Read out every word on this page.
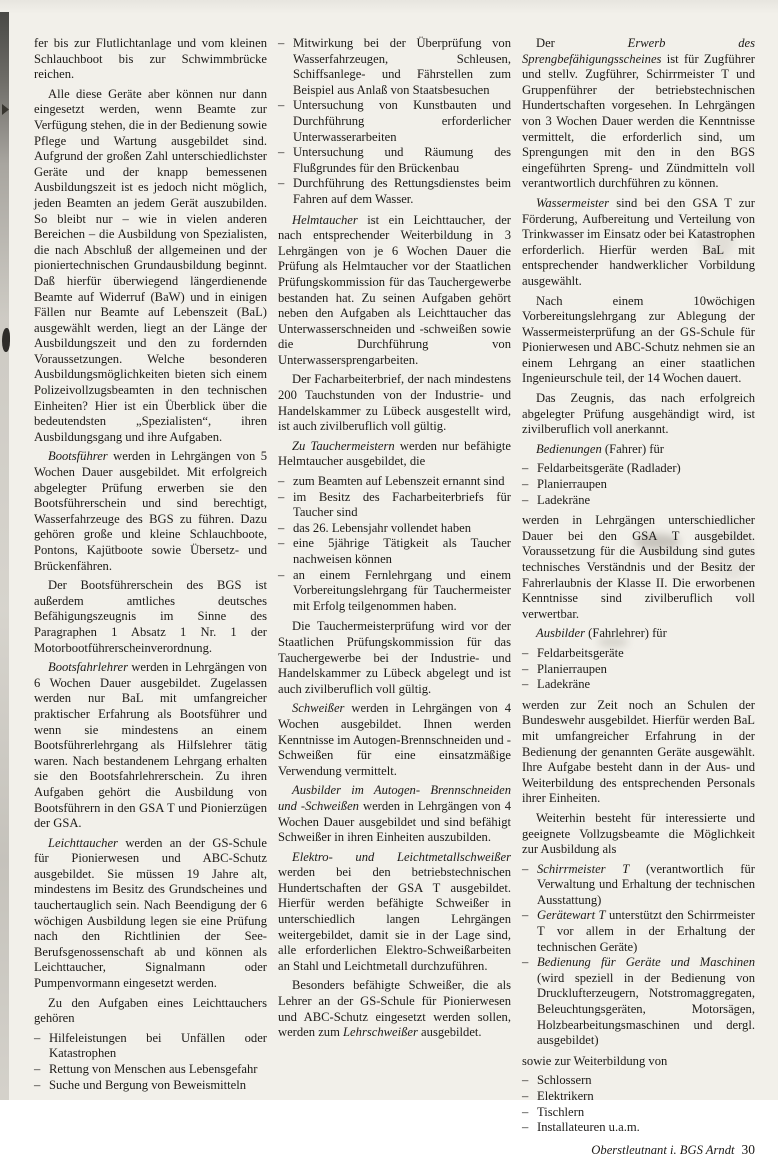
fer bis zur Flutlichtanlage und vom kleinen Schlauchboot bis zur Schwimmbrücke reichen.

Alle diese Geräte aber können nur dann eingesetzt werden, wenn Beamte zur Verfügung stehen, die in der Bedienung sowie Pflege und Wartung ausgebildet sind. Aufgrund der großen Zahl unterschiedlichster Geräte und der knapp bemessenen Ausbildungszeit ist es jedoch nicht möglich, jeden Beamten an jedem Gerät auszubilden. So bleibt nur – wie in vielen anderen Bereichen – die Ausbildung von Spezialisten, die nach Abschluß der allgemeinen und der pioniertechnischen Grundausbildung beginnt. Daß hierfür überwiegend längerdienende Beamte auf Widerruf (BaW) und in einigen Fällen nur Beamte auf Lebenszeit (BaL) ausgewählt werden, liegt an der Länge der Ausbildungszeit und den zu fordernden Voraussetzungen. Welche besonderen Ausbildungsmöglichkeiten bieten sich einem Polizeivollzugsbeamten in den technischen Einheiten? Hier ist ein Überblick über die bedeutendsten „Spezialisten“, ihren Ausbildungsgang und ihre Aufgaben.

Bootsführer werden in Lehrgängen von 5 Wochen Dauer ausgebildet. Mit erfolgreich abgelegter Prüfung erwerben sie den Bootsführerschein und sind berechtigt, Wasserfahrzeuge des BGS zu führen. Dazu gehören große und kleine Schlauchboote, Pontons, Kajütboote sowie Übersetz- und Brückenfähren.

Der Bootsführerschein des BGS ist außerdem amtliches deutsches Befähigungszeugnis im Sinne des Paragraphen 1 Absatz 1 Nr. 1 der Motorbootführerscheinverordnung.

Bootsfahrlehrer werden in Lehrgängen von 6 Wochen Dauer ausgebildet. Zugelassen werden nur BaL mit umfangreicher praktischer Erfahrung als Bootsführer und wenn sie mindestens an einem Bootsführerlehrgang als Hilfslehrer tätig waren. Nach bestandenem Lehrgang erhalten sie den Bootsfahrlehrerschein. Zu ihren Aufgaben gehört die Ausbildung von Bootsführern in den GSA T und Pionierzügen der GSA.

Leichttaucher werden an der GS-Schule für Pionierwesen und ABC-Schutz ausgebildet. Sie müssen 19 Jahre alt, mindestens im Besitz des Grundscheines und tauchertauglich sein. Nach Beendigung der 6 wöchigen Ausbildung legen sie eine Prüfung nach den Richtlinien der See-Berufsgenossenschaft ab und können als Leichttaucher, Signalmann oder Pumpenvormann eingesetzt werden.

Zu den Aufgaben eines Leichttauchers gehören

– Hilfeleistungen bei Unfällen oder Katastrophen
– Rettung von Menschen aus Lebensgefahr
– Suche und Bergung von Beweismitteln
– Mitwirkung bei der Überprüfung von Wasserfahrzeugen, Schleusen, Schiffsanlege- und Fährstellen zum Beispiel aus Anlaß von Staatsbesuchen
– Untersuchung von Kunstbauten und Durchführung erforderlicher Unterwasserarbeiten
– Untersuchung und Räumung des Flußgrundes für den Brückenbau
– Durchführung des Rettungsdienstes beim Fahren auf dem Wasser.

Helmtaucher ist ein Leichttaucher, der nach entsprechender Weiterbildung in 3 Lehrgängen von je 6 Wochen Dauer die Prüfung als Helmtaucher vor der Staatlichen Prüfungskommission für das Tauchergewerbe bestanden hat. Zu seinen Aufgaben gehört neben den Aufgaben als Leichttaucher das Unterwasserschneiden und -schweißen sowie die Durchführung von Unterwassersprengarbeiten.

Der Facharbeiterbrief, der nach mindestens 200 Tauchstunden von der Industrie- und Handelskammer zu Lübeck ausgestellt wird, ist auch zivilberuflich voll gültig.

Zu Tauchermeistern werden nur befähigte Helmtaucher ausgebildet, die

– zum Beamten auf Lebenszeit ernannt sind
– im Besitz des Facharbeiterbriefs für Taucher sind
– das 26. Lebensjahr vollendet haben
– eine 5jährige Tätigkeit als Taucher nachweisen können
– an einem Fernlehrgang und einem Vorbereitungslehrgang für Tauchermeister mit Erfolg teilgenommen haben.

Die Tauchermeisterprüfung wird vor der Staatlichen Prüfungskommission für das Tauchergewerbe bei der Industrie- und Handelskammer zu Lübeck abgelegt und ist auch zivilberuflich voll gültig.

Schweißer werden in Lehrgängen von 4 Wochen ausgebildet. Ihnen werden Kenntnisse im Autogen-Brennschneiden und -Schweißen für eine einsatzmäßige Verwendung vermittelt.

Ausbilder im Autogen- Brennschneiden und -Schweißen werden in Lehrgängen von 4 Wochen Dauer ausgebildet und sind befähigt Schweißer in ihren Einheiten auszubilden.

Elektro- und Leichtmetallschweißer werden bei den betriebstechnischen Hundertschaften der GSA T ausgebildet. Hierfür werden befähigte Schweißer in unterschiedlich langen Lehrgängen weitergebildet, damit sie in der Lage sind, alle erforderlichen Elektro-Schweißarbeiten an Stahl und Leichtmetall durchzuführen.

Besonders befähigte Schweißer, die als Lehrer an der GS-Schule für Pionierwesen und ABC-Schutz eingesetzt werden sollen, werden zum Lehrschweißer ausgebildet.

Der Erwerb des Sprengbefähigungsscheines ist für Zugführer und stellv. Zugführer, Schirrmeister T und Gruppenführer der betriebstechnischen Hundertschaften vorgesehen. In Lehrgängen von 3 Wochen Dauer werden die Kenntnisse vermittelt, die erforderlich sind, um Sprengungen mit den in den BGS eingeführten Spreng- und Zündmitteln voll verantwortlich durchführen zu können.

Wassermeister sind bei den GSA T zur Förderung, Aufbereitung und Verteilung von Trinkwasser im Einsatz oder bei Katastrophen erforderlich. Hierfür werden BaL mit entsprechender handwerklicher Vorbildung ausgewählt.

Nach einem 10wöchigen Vorbereitungslehrgang zur Ablegung der Wassermeisterprüfung an der GS-Schule für Pionierwesen und ABC-Schutz nehmen sie an einem Lehrgang an einer staatlichen Ingenieurschule teil, der 14 Wochen dauert.

Das Zeugnis, das nach erfolgreich abgelegter Prüfung ausgehändigt wird, ist zivilberuflich voll anerkannt.

Bedienungen (Fahrer) für

– Feldarbeitsgeräte (Radlader)
– Planierraupen
– Ladekräne

werden in Lehrgängen unterschiedlicher Dauer bei den GSA T ausgebildet. Voraussetzung für die Ausbildung sind gutes technisches Verständnis und der Besitz der Fahrerlaubnis der Klasse II. Die erworbenen Kenntnisse sind zivilberuflich voll verwertbar.

Ausbilder (Fahrlehrer) für

– Feldarbeitsgeräte
– Planierraupen
– Ladekräne

werden zur Zeit noch an Schulen der Bundeswehr ausgebildet. Hierfür werden BaL mit umfangreicher Erfahrung in der Bedienung der genannten Geräte ausgewählt. Ihre Aufgabe besteht dann in der Aus- und Weiterbildung des entsprechenden Personals ihrer Einheiten.

Weiterhin besteht für interessierte und geeignete Vollzugsbeamte die Möglichkeit zur Ausbildung als

– Schirrmeister T (verantwortlich für Verwaltung und Erhaltung der technischen Ausstattung)
– Gerätewart T unterstützt den Schirrmeister T vor allem in der Erhaltung der technischen Geräte)
– Bedienung für Geräte und Maschinen (wird speziell in der Bedienung von Drucklufterzeugern, Notstromaggregaten, Beleuchtungsgeräten, Motorsägen, Holzbearbeitungsmaschinen und dergl. ausgebildet)

sowie zur Weiterbildung von

– Schlossern
– Elektrikern
– Tischlern
– Installateuren u.a.m.

Oberstleutnant i. BGS Arndt 30
